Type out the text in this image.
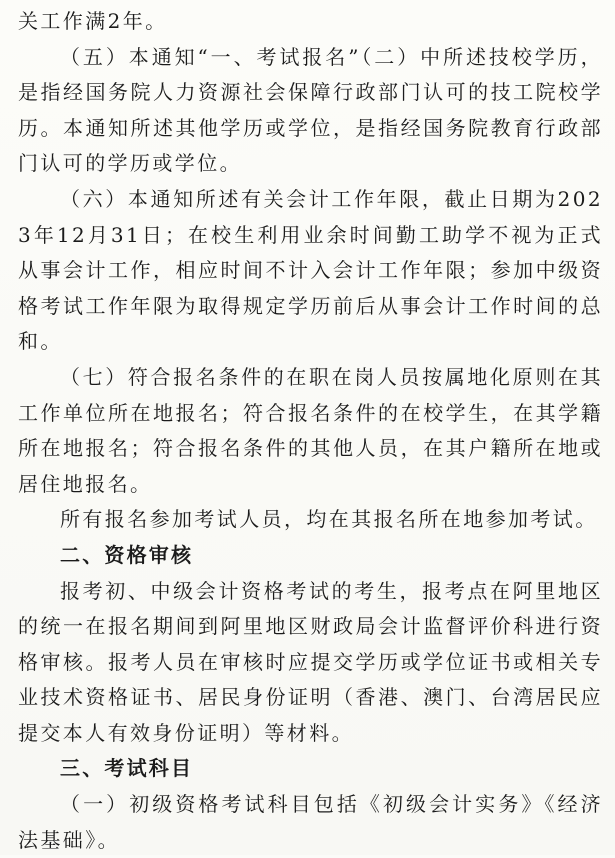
关工作满2年。

（五）本通知“一、考试报名”（二）中所述技校学历，是指经国务院人力资源社会保障行政部门认可的技工院校学历。本通知所述其他学历或学位，是指经国务院教育行政部门认可的学历或学位。

（六）本通知所述有关会计工作年限，截止日期为2023年12月31日；在校生利用业余时间勤工助学不视为正式从事会计工作，相应时间不计入会计工作年限；参加中级资格考试工作年限为取得规定学历前后从事会计工作时间的总和。

（七）符合报名条件的在职在岗人员按属地化原则在其工作单位所在地报名；符合报名条件的在校学生，在其学籍所在地报名；符合报名条件的其他人员，在其户籍所在地或居住地报名。

所有报名参加考试人员，均在其报名所在地参加考试。

二、资格审核

报考初、中级会计资格考试的考生，报考点在阿里地区的统一在报名期间到阿里地区财政局会计监督评价科进行资格审核。报考人员在审核时应提交学历或学位证书或相关专业技术资格证书、居民身份证明（香港、澳门、台湾居民应提交本人有效身份证明）等材料。

三、考试科目

（一）初级资格考试科目包括《初级会计实务》《经济法基础》。
